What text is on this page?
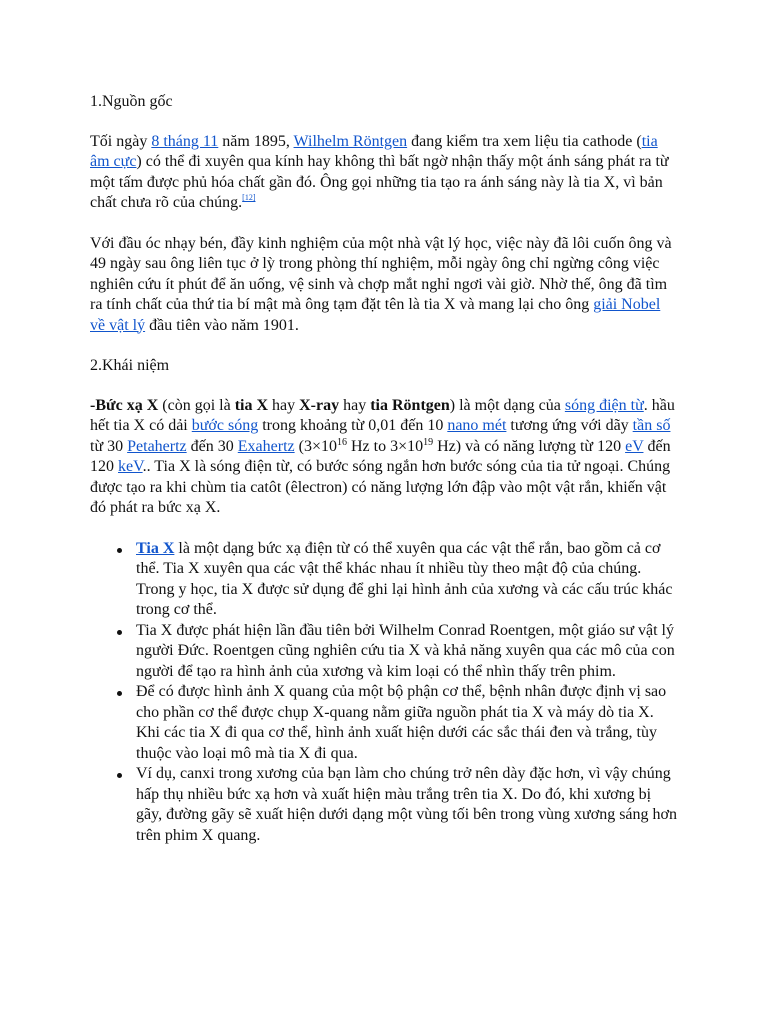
1.Nguồn gốc

Tối ngày 8 tháng 11 năm 1895, Wilhelm Röntgen đang kiểm tra xem liệu tia cathode (tia âm cực) có thể đi xuyên qua kính hay không thì bất ngờ nhận thấy một ánh sáng phát ra từ một tấm được phủ hóa chất gần đó. Ông gọi những tia tạo ra ánh sáng này là tia X, vì bản chất chưa rõ của chúng.[12]

Với đầu óc nhạy bén, đầy kinh nghiệm của một nhà vật lý học, việc này đã lôi cuốn ông và 49 ngày sau ông liên tục ở lỳ trong phòng thí nghiệm, mỗi ngày ông chỉ ngừng công việc nghiên cứu ít phút để ăn uống, vệ sinh và chợp mắt nghỉ ngơi vài giờ. Nhờ thế, ông đã tìm ra tính chất của thứ tia bí mật mà ông tạm đặt tên là tia X và mang lại cho ông giải Nobel về vật lý đầu tiên vào năm 1901.

2.Khái niệm

-Bức xạ X (còn gọi là tia X hay X-ray hay tia Röntgen) là một dạng của sóng điện từ. hầu hết tia X có dải bước sóng trong khoảng từ 0,01 đến 10 nano mét tương ứng với dãy tần số từ 30 Petahertz đến 30 Exahertz ($3\times 10^{16}$ Hz to $3\times 10^{19}$ Hz) và có năng lượng từ 120 eV đến 120 keV.. Tia X là sóng điện từ, có bước sóng ngắn hơn bước sóng của tia tử ngoại. Chúng được tạo ra khi chùm tia catôt (êlectron) có năng lượng lớn đập vào một vật rắn, khiến vật đó phát ra bức xạ X.

Tia X là một dạng bức xạ điện từ có thể xuyên qua các vật thể rắn, bao gồm cả cơ thể. Tia X xuyên qua các vật thể khác nhau ít nhiều tùy theo mật độ của chúng. Trong y học, tia X được sử dụng để ghi lại hình ảnh của xương và các cấu trúc khác trong cơ thể.
Tia X được phát hiện lần đầu tiên bởi Wilhelm Conrad Roentgen, một giáo sư vật lý người Đức. Roentgen cũng nghiên cứu tia X và khả năng xuyên qua các mô của con người để tạo ra hình ảnh của xương và kim loại có thể nhìn thấy trên phim.
Để có được hình ảnh X quang của một bộ phận cơ thể, bệnh nhân được định vị sao cho phần cơ thể được chụp X-quang nằm giữa nguồn phát tia X và máy dò tia X. Khi các tia X đi qua cơ thể, hình ảnh xuất hiện dưới các sắc thái đen và trắng, tùy thuộc vào loại mô mà tia X đi qua.
Ví dụ, canxi trong xương của bạn làm cho chúng trở nên dày đặc hơn, vì vậy chúng hấp thụ nhiều bức xạ hơn và xuất hiện màu trắng trên tia X. Do đó, khi xương bị gãy, đường gãy sẽ xuất hiện dưới dạng một vùng tối bên trong vùng xương sáng hơn trên phim X quang.
